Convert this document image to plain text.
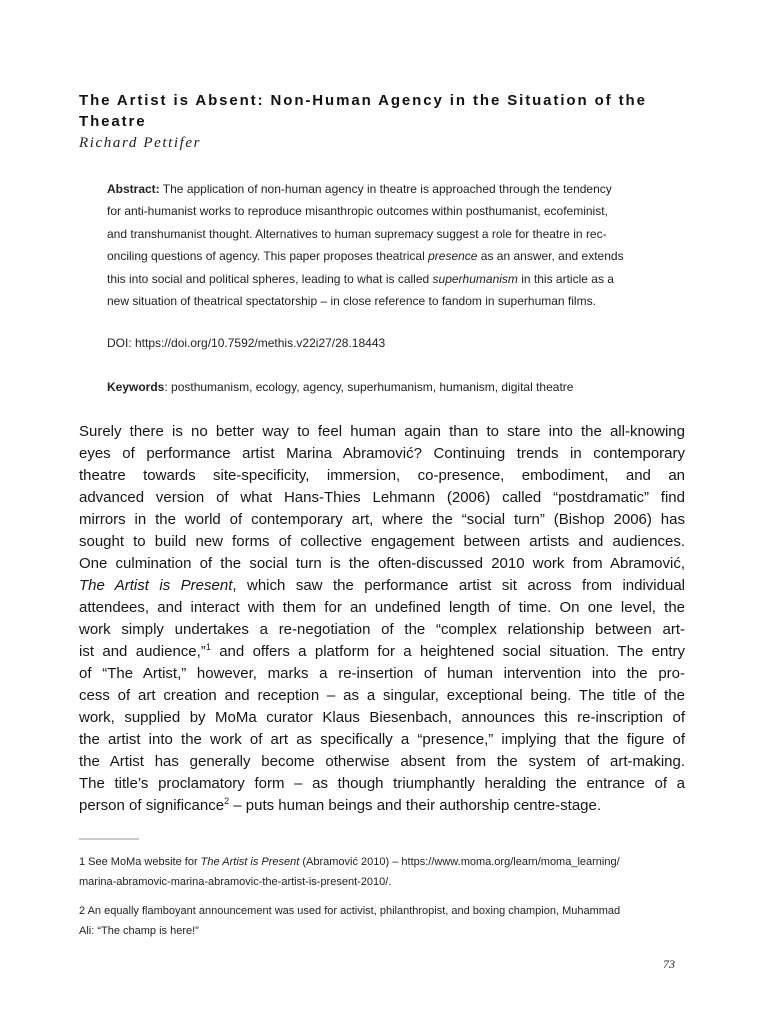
The Artist is Absent: Non-Human Agency in the Situation of the Theatre
Richard Pettifer
Abstract: The application of non-human agency in theatre is approached through the tendency
for anti-humanist works to reproduce misanthropic outcomes within posthumanist, ecofeminist,
and transhumanist thought. Alternatives to human supremacy suggest a role for theatre in rec-
onciling questions of agency. This paper proposes theatrical presence as an answer, and extends
this into social and political spheres, leading to what is called superhumanism in this article as a
new situation of theatrical spectatorship – in close reference to fandom in superhuman films.
DOI: https://doi.org/10.7592/methis.v22i27/28.18443
Keywords: posthumanism, ecology, agency, superhumanism, humanism, digital theatre
Surely there is no better way to feel human again than to stare into the all-knowing
eyes of performance artist Marina Abramović? Continuing trends in contemporary
theatre towards site-specificity, immersion, co-presence, embodiment, and an
advanced version of what Hans-Thies Lehmann (2006) called “postdramatic” find
mirrors in the world of contemporary art, where the “social turn” (Bishop 2006) has
sought to build new forms of collective engagement between artists and audiences.
One culmination of the social turn is the often-discussed 2010 work from Abramović,
The Artist is Present, which saw the performance artist sit across from individual
attendees, and interact with them for an undefined length of time. On one level, the
work simply undertakes a re-negotiation of the “complex relationship between art-
ist and audience,”$^1$ and offers a platform for a heightened social situation. The entry
of “The Artist,” however, marks a re-insertion of human intervention into the pro-
cess of art creation and reception – as a singular, exceptional being. The title of the
work, supplied by MoMa curator Klaus Biesenbach, announces this re-inscription of
the artist into the work of art as specifically a “presence,” implying that the figure of
the Artist has generally become otherwise absent from the system of art-making.
The title’s proclamatory form – as though triumphantly heralding the entrance of a
person of significance$^2$ – puts human beings and their authorship centre-stage.
1 See MoMa website for The Artist is Present (Abramović 2010) – https://www.moma.org/learn/moma_learning/
marina-abramovic-marina-abramovic-the-artist-is-present-2010/.
2 An equally flamboyant announcement was used for activist, philanthropist, and boxing champion, Muhammad
Ali: “The champ is here!”
73
